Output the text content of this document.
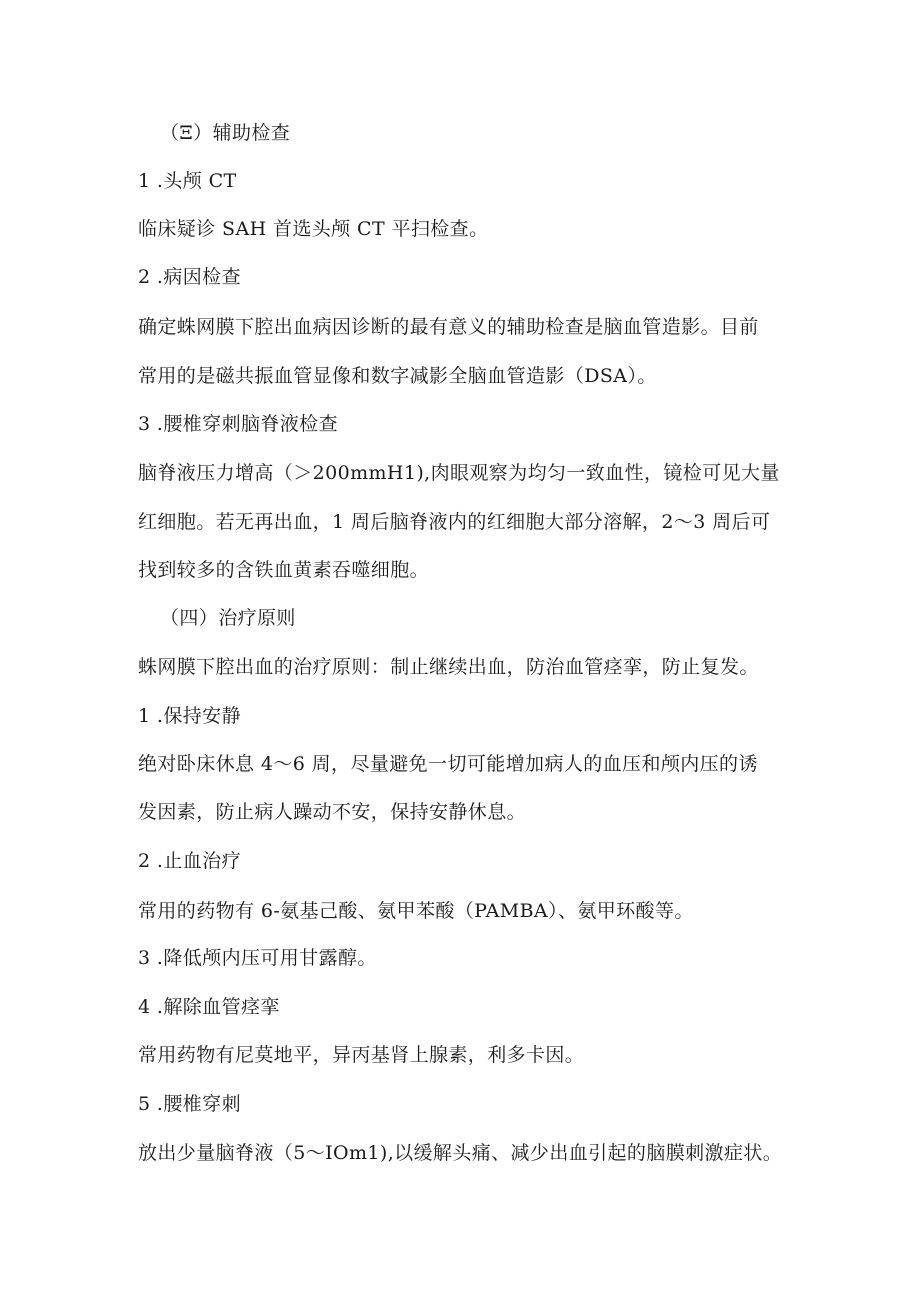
（Ξ）辅助检查
1 .头颅 CT
临床疑诊 SAH 首选头颅 CT 平扫检查。
2 .病因检查
确定蛛网膜下腔出血病因诊断的最有意义的辅助检查是脑血管造影。目前
常用的是磁共振血管显像和数字减影全脑血管造影（DSA）。
3 .腰椎穿刺脑脊液检查
脑脊液压力增高（＞200mmH1),肉眼观察为均匀一致血性，镜检可见大量
红细胞。若无再出血，1 周后脑脊液内的红细胞大部分溶解，2～3 周后可
找到较多的含铁血黄素吞噬细胞。
（四）治疗原则
蛛网膜下腔出血的治疗原则：制止继续出血，防治血管痉挛，防止复发。
1 .保持安静
绝对卧床休息 4～6 周，尽量避免一切可能增加病人的血压和颅内压的诱
发因素，防止病人躁动不安，保持安静休息。
2 .止血治疗
常用的药物有 6-氨基己酸、氨甲苯酸（PAMBA）、氨甲环酸等。
3 .降低颅内压可用甘露醇。
4 .解除血管痉挛
常用药物有尼莫地平，异丙基肾上腺素，利多卡因。
5 .腰椎穿刺
放出少量脑脊液（5～IOm1),以缓解头痛、减少出血引起的脑膜刺激症状。
